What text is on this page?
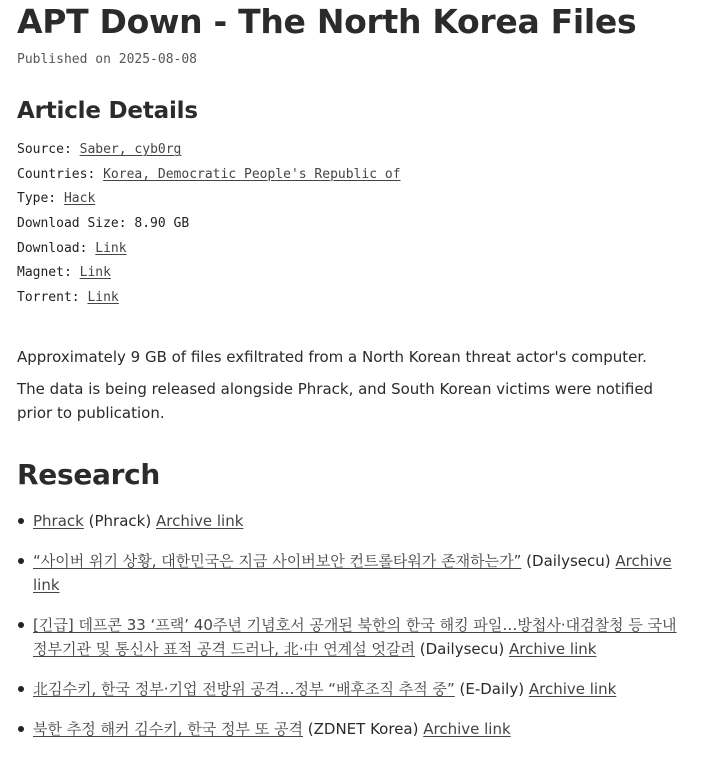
APT Down - The North Korea Files
Published on 2025-08-08
Article Details
Source: Saber, cyb0rg
Countries: Korea, Democratic People's Republic of
Type: Hack
Download Size: 8.90 GB
Download: Link
Magnet: Link
Torrent: Link

Approximately 9 GB of files exfiltrated from a North Korean threat actor's computer.

The data is being released alongside Phrack, and South Korean victims were notified prior to publication.

Research
Phrack (Phrack) Archive link
“사이버 위기 상황, 대한민국은 지금 사이버보안 컨트롤타워가 존재하는가” (Dailysecu) Archive link
[긴급] 데프콘 33 ‘프랙’ 40주년 기념호서 공개된 북한의 한국 해킹 파일…방첩사·대검찰청 등 국내 정부기관 및 통신사 표적 공격 드러나, 北·中 연계설 엇갈려 (Dailysecu) Archive link
北김수키, 한국 정부·기업 전방위 공격…정부 “배후조직 추적 중” (E-Daily) Archive link
북한 추정 해커 김수키, 한국 정부 또 공격 (ZDNET Korea) Archive link
